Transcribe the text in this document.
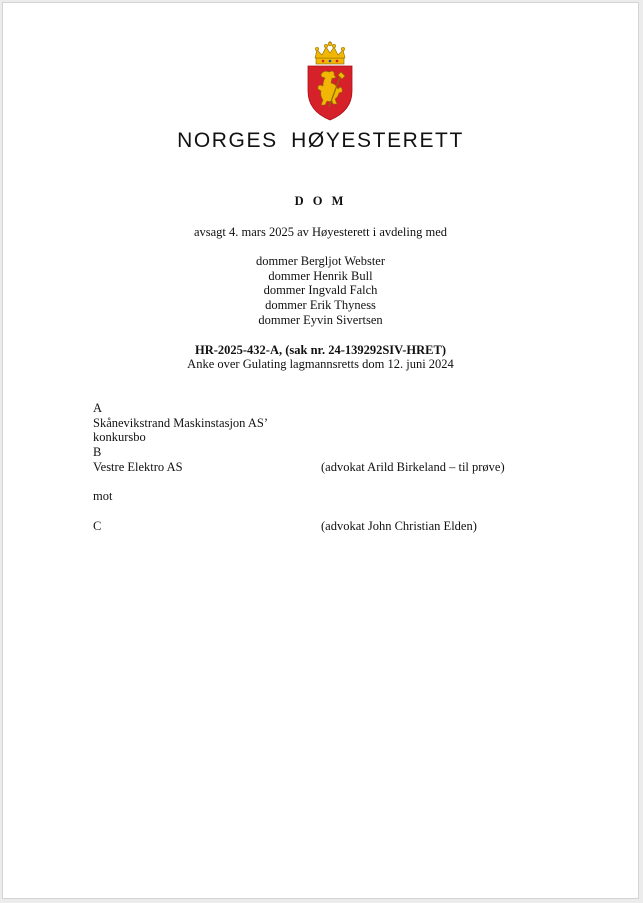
NORGES HØYESTERETT
D O M
avsagt 4. mars 2025 av Høyesterett i avdeling med
dommer Bergljot Webster
dommer Henrik Bull
dommer Ingvald Falch
dommer Erik Thyness
dommer Eyvin Sivertsen
HR-2025-432-A, (sak nr. 24-139292SIV-HRET)
Anke over Gulating lagmannsretts dom 12. juni 2024
A
Skånevikstrand Maskinstasjon AS’
konkursbo
B
Vestre Elektro AS	(advokat Arild Birkeland – til prøve)
mot
C	(advokat John Christian Elden)
